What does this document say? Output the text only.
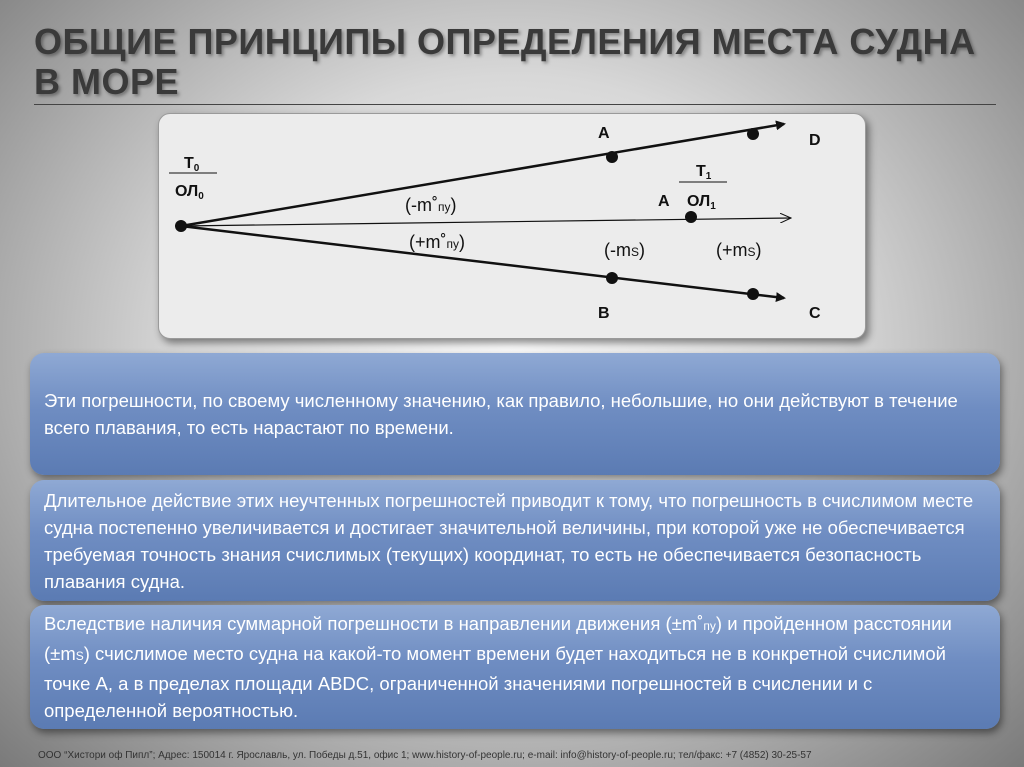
ОБЩИЕ ПРИНЦИПЫ ОПРЕДЕЛЕНИЯ МЕСТА СУДНА В МОРЕ
T0
ОЛ0
A	D
T1
A ОЛ1
B	C
(-m˚пу)
(+m˚пу)	(-mS)	(+mS)

Эти погрешности, по своему численному значению, как правило, небольшие, но они действуют в течение всего плавания, то есть нарастают по времени.

Длительное действие этих неучтенных погрешностей приводит к тому, что погрешность в счислимом месте судна постепенно увеличивается и достигает значительной величины, при которой уже не обеспечивается требуемая точность знания счислимых (текущих) координат, то есть не обеспечивается безопасность плавания судна.

Вследствие наличия суммарной погрешности в направлении движения (±m˚пу) и пройденном расстоянии (±mS) счислимое место судна на какой-то момент времени будет находиться не в конкретной счислимой точке А, а в пределах площади ABDC, ограниченной значениями погрешностей в счислении и с определенной вероятностью.

ООО “Хистори оф Пипл”; Адрес: 150014 г. Ярославль, ул. Победы д.51, офис 1; www.history-of-people.ru; e-mail: info@history-of-people.ru; тел/факс: +7 (4852) 30-25-57
